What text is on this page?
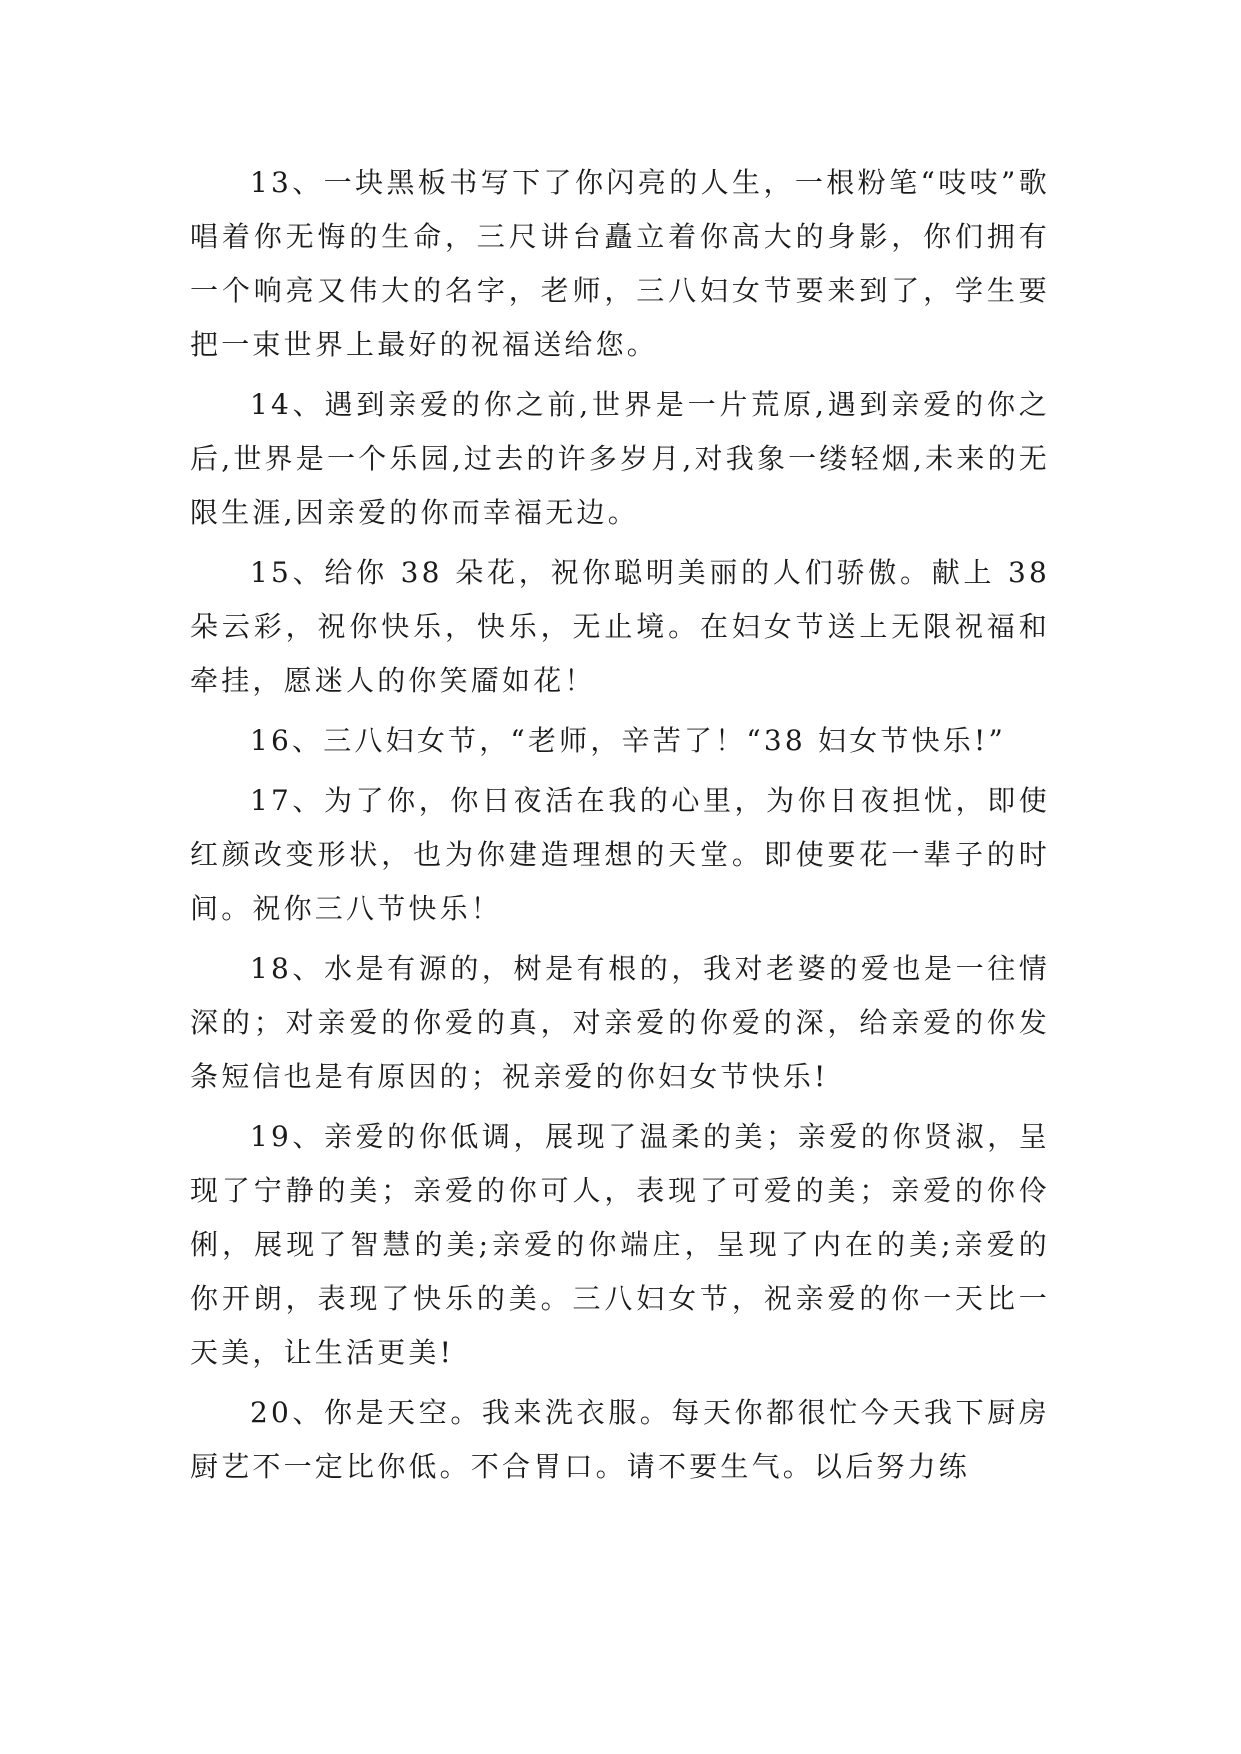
13、一块黑板书写下了你闪亮的人生，一根粉笔“吱吱”歌唱着你无悔的生命，三尺讲台矗立着你高大的身影，你们拥有一个响亮又伟大的名字，老师，三八妇女节要来到了，学生要把一束世界上最好的祝福送给您。

14、遇到亲爱的你之前,世界是一片荒原,遇到亲爱的你之后,世界是一个乐园,过去的许多岁月,对我象一缕轻烟,未来的无限生涯,因亲爱的你而幸福无边。

15、给你 38 朵花，祝你聪明美丽的人们骄傲。献上 38 朵云彩，祝你快乐，快乐，无止境。在妇女节送上无限祝福和牵挂，愿迷人的你笑靥如花！

16、三八妇女节，“老师，辛苦了！“38 妇女节快乐!”

17、为了你，你日夜活在我的心里，为你日夜担忧，即使红颜改变形状，也为你建造理想的天堂。即使要花一辈子的时间。祝你三八节快乐！

18、水是有源的，树是有根的，我对老婆的爱也是一往情深的；对亲爱的你爱的真，对亲爱的你爱的深，给亲爱的你发条短信也是有原因的；祝亲爱的你妇女节快乐!

19、亲爱的你低调，展现了温柔的美；亲爱的你贤淑，呈现了宁静的美；亲爱的你可人，表现了可爱的美；亲爱的你伶俐，展现了智慧的美;亲爱的你端庄，呈现了内在的美;亲爱的你开朗，表现了快乐的美。三八妇女节，祝亲爱的你一天比一天美，让生活更美!

20、你是天空。我来洗衣服。每天你都很忙今天我下厨房厨艺不一定比你低。不合胃口。请不要生气。以后努力练
